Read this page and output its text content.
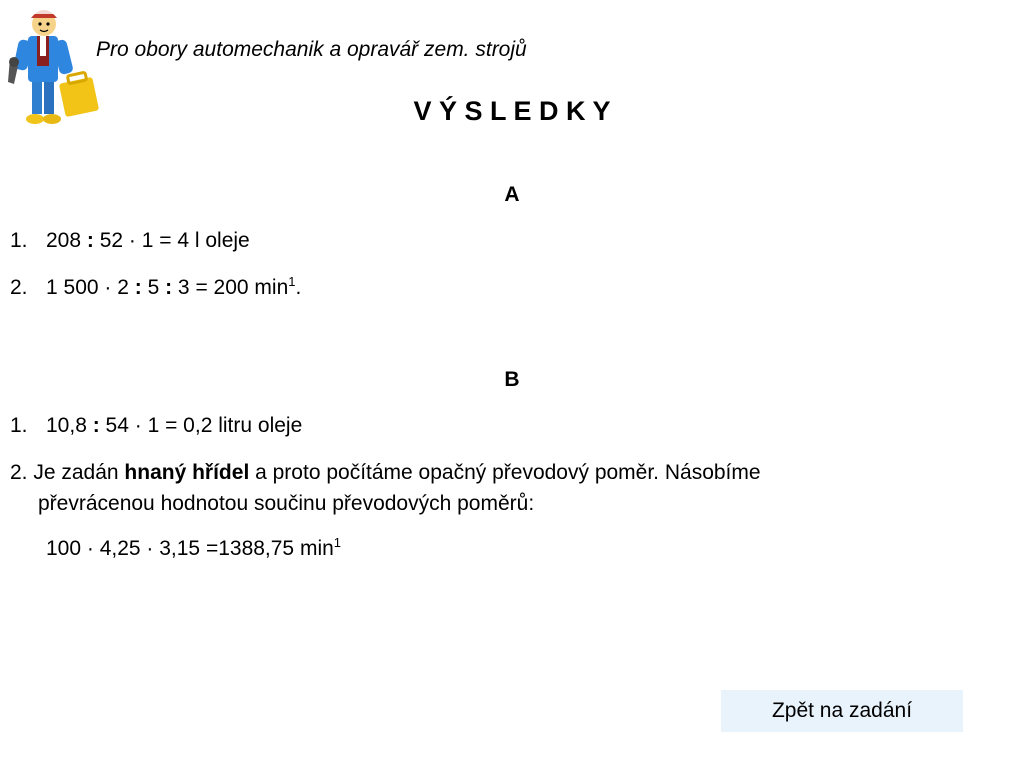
Pro obory automechanik a opravář zem. strojů
V Ý S L E D K Y
A
1. 208 : 52 · 1 = 4 l oleje
2. 1 500 · 2 : 5 : 3 = 200 $\min^1$.
B
1. 10,8 : 54 · 1 = 0,2 litru oleje
2. Je zadán hnaný hřídel a proto počítáme opačný převodový poměr. Násobíme
převrácenou hodnotou součinu převodových poměrů:
100 · 4,25 · 3,15 =1388,75 $\min^1$
Zpět na zadání
